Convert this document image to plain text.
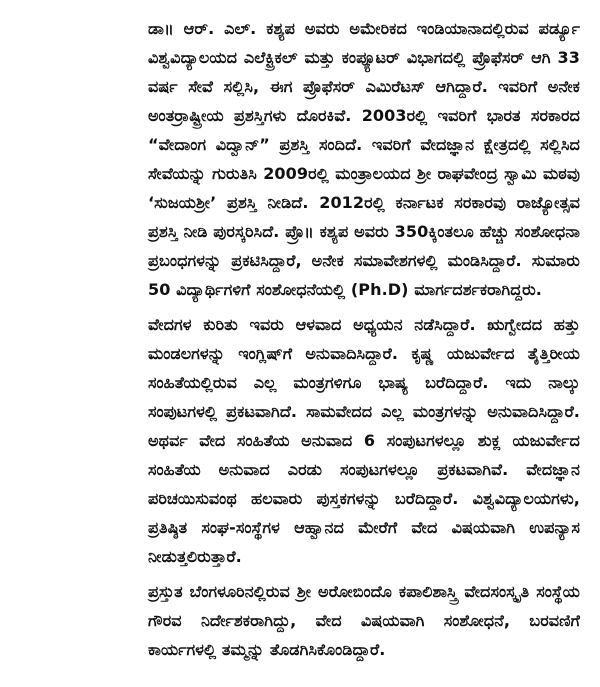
ಡಾ॥ ಆರ್. ಎಲ್. ಕಶ್ಯಪ ಅವರು ಅಮೇರಿಕದ ಇಂಡಿಯಾನಾದಲ್ಲಿರುವ ಪರ್ಡ್ಯೂ ವಿಶ್ವವಿದ್ಯಾಲಯದ ಎಲೆಕ್ಟ್ರಿಕಲ್ ಮತ್ತು ಕಂಪ್ಯೂಟರ್ ವಿಭಾಗದಲ್ಲಿ ಪ್ರೊಫೆಸರ್ ಆಗಿ 33 ವರ್ಷ ಸೇವೆ ಸಲ್ಲಿಸಿ, ಈಗ ಪ್ರೊಫೆಸರ್ ಎಮಿರೆಟಸ್ ಆಗಿದ್ದಾರೆ. ಇವರಿಗೆ ಅನೇಕ ಅಂತರ್ರಾಷ್ಟ್ರೀಯ ಪ್ರಶಸ್ತಿಗಳು ದೊರಕಿವೆ. 2003ರಲ್ಲಿ ಇವರಿಗೆ ಭಾರತ ಸರಕಾರದ “ವೇದಾಂಗ ವಿದ್ವಾನ್” ಪ್ರಶಸ್ತಿ ಸಂದಿದೆ. ಇವರಿಗೆ ವೇದಜ್ಞಾನ ಕ್ಷೇತ್ರದಲ್ಲಿ ಸಲ್ಲಿಸಿದ ಸೇವೆಯನ್ನು ಗುರುತಿಸಿ 2009ರಲ್ಲಿ ಮಂತ್ರಾಲಯದ ಶ್ರೀ ರಾಘವೇಂದ್ರ ಸ್ವಾಮಿ ಮಠವು ‘ಸುಜಯಶ್ರೀ’ ಪ್ರಶಸ್ತಿ ನೀಡಿದೆ. 2012ರಲ್ಲಿ ಕರ್ನಾಟಕ ಸರಕಾರವು ರಾಜ್ಯೋತ್ಸವ ಪ್ರಶಸ್ತಿ ನೀಡಿ ಪುರಸ್ಕರಿಸಿದೆ. ಪ್ರೊ॥ ಕಶ್ಯಪ ಅವರು 350ಕ್ಕಿಂತಲೂ ಹೆಚ್ಚು ಸಂಶೋಧನಾ ಪ್ರಬಂಧಗಳನ್ನು ಪ್ರಕಟಿಸಿದ್ದಾರೆ, ಅನೇಕ ಸಮಾವೇಶಗಳಲ್ಲಿ ಮಂಡಿಸಿದ್ದಾರೆ. ಸುಮಾರು 50 ವಿದ್ಯಾರ್ಥಿಗಳಿಗೆ ಸಂಶೋಧನೆಯಲ್ಲಿ (Ph.D) ಮಾರ್ಗದರ್ಶಕರಾಗಿದ್ದರು.

ವೇದಗಳ ಕುರಿತು ಇವರು ಆಳವಾದ ಅಧ್ಯಯನ ನಡೆಸಿದ್ದಾರೆ. ಋಗ್ವೇದದ ಹತ್ತು ಮಂಡಲಗಳನ್ನು ಇಂಗ್ಲಿಷ್‌ಗೆ ಅನುವಾದಿಸಿದ್ದಾರೆ. ಕೃಷ್ಣ ಯಜುರ್ವೇದ ತೈತ್ತಿರೀಯ ಸಂಹಿತೆಯಲ್ಲಿರುವ ಎಲ್ಲ ಮಂತ್ರಗಳಿಗೂ ಭಾಷ್ಯ ಬರೆದಿದ್ದಾರೆ. ಇದು ನಾಲ್ಕು ಸಂಪುಟಗಳಲ್ಲಿ ಪ್ರಕಟವಾಗಿದೆ. ಸಾಮವೇದದ ಎಲ್ಲ ಮಂತ್ರಗಳನ್ನು ಅನುವಾದಿಸಿದ್ದಾರೆ. ಅಥರ್ವ ವೇದ ಸಂಹಿತೆಯ ಅನುವಾದ 6 ಸಂಪುಟಗಳಲ್ಲೂ ಶುಕ್ಲ ಯಜುರ್ವೇದ ಸಂಹಿತೆಯ ಅನುವಾದ ಎರಡು ಸಂಪುಟಗಳಲ್ಲೂ ಪ್ರಕಟವಾಗಿವೆ. ವೇದಜ್ಞಾನ ಪರಿಚಯಿಸುವಂಥ ಹಲವಾರು ಪುಸ್ತಕಗಳನ್ನು ಬರೆದಿದ್ದಾರೆ. ವಿಶ್ವವಿದ್ಯಾಲಯಗಳು, ಪ್ರತಿಷ್ಠಿತ ಸಂಘ-ಸಂಸ್ಥೆಗಳ ಆಹ್ವಾನದ ಮೇರೆಗೆ ವೇದ ವಿಷಯವಾಗಿ ಉಪನ್ಯಾಸ ನೀಡುತ್ತಲಿರುತ್ತಾರೆ.

ಪ್ರಸ್ತುತ ಬೆಂಗಳೂರಿನಲ್ಲಿರುವ ಶ್ರೀ ಅರೋಬಿಂದೊ ಕಪಾಲಿಶಾಸ್ತ್ರಿ ವೇದಸಂಸ್ಕೃತಿ ಸಂಸ್ಥೆಯ ಗೌರವ ನಿರ್ದೇಶಕರಾಗಿದ್ದು, ವೇದ ವಿಷಯವಾಗಿ ಸಂಶೋಧನೆ, ಬರವಣಿಗೆ ಕಾರ್ಯಗಳಲ್ಲಿ ತಮ್ಮನ್ನು ತೊಡಗಿಸಿಕೊಂಡಿದ್ದಾರೆ.
